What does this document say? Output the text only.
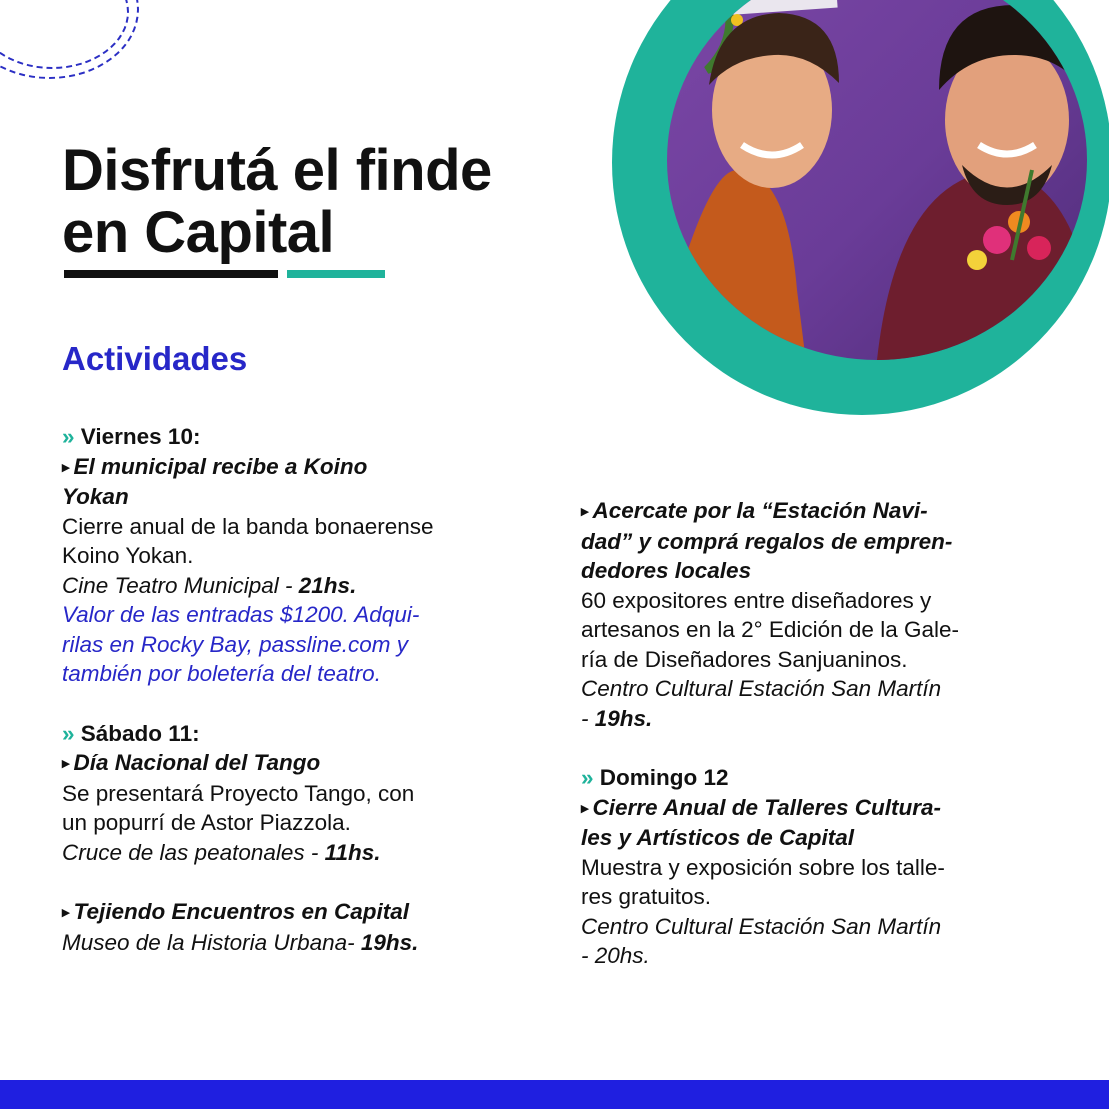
Disfrutá el finde
en Capital
Actividades

» Viernes 10:

▸ El municipal recibe a Koino

Yokan

Cierre anual de la banda bonaerense

Koino Yokan.

Cine Teatro Municipal - 21hs.

Valor de las entradas $1200. Adqui-

rilas en Rocky Bay, passline.com y

también por boletería del teatro.

» Sábado 11:

▸ Día Nacional del Tango

Se presentará Proyecto Tango, con

un popurrí de Astor Piazzola.

Cruce de las peatonales - 11hs.

▸ Tejiendo Encuentros en Capital

Museo de la Historia Urbana- 19hs.

▸ Acercate por la “Estación Navi-

dad” y comprá regalos de empren-

dedores locales

60 expositores entre diseñadores y

artesanos en la 2° Edición de la Gale-

ría de Diseñadores Sanjuaninos.

Centro Cultural Estación San Martín

- 19hs.

» Domingo 12

▸ Cierre Anual de Talleres Cultura-

les y Artísticos de Capital

Muestra y exposición sobre los talle-

res gratuitos.

Centro Cultural Estación San Martín

- 20hs.
